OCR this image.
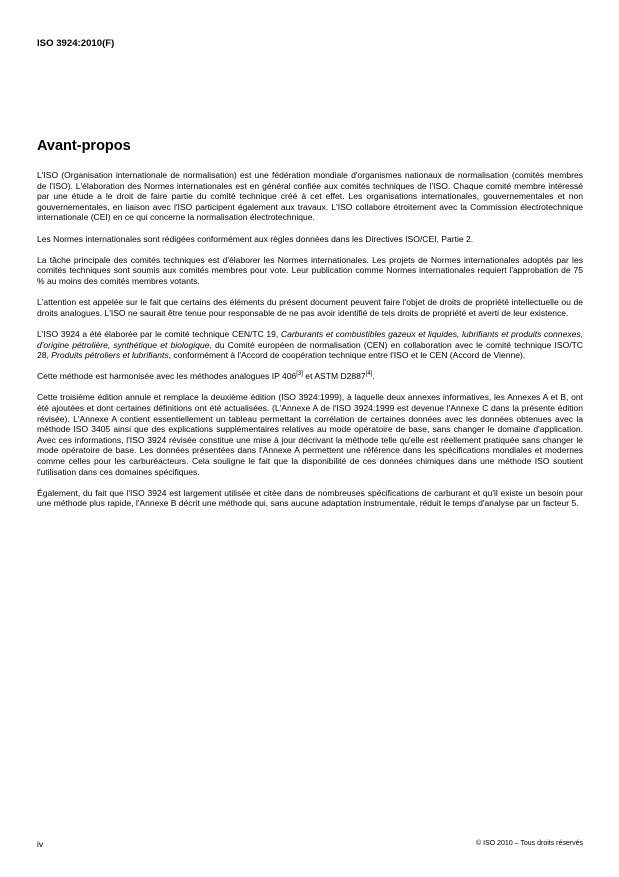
ISO 3924:2010(F)
Avant-propos

L'ISO (Organisation internationale de normalisation) est une fédération mondiale d'organismes nationaux de normalisation (comités membres de l'ISO). L'élaboration des Normes internationales est en général confiée aux comités techniques de l'ISO. Chaque comité membre intéressé par une étude a le droit de faire partie du comité technique créé à cet effet. Les organisations internationales, gouvernementales et non gouvernementales, en liaison avec l'ISO participent également aux travaux. L'ISO collabore étroitement avec la Commission électrotechnique internationale (CEI) en ce qui concerne la normalisation électrotechnique.

Les Normes internationales sont rédigées conformément aux règles données dans les Directives ISO/CEI, Partie 2.

La tâche principale des comités techniques est d'élaborer les Normes internationales. Les projets de Normes internationales adoptés par les comités techniques sont soumis aux comités membres pour vote. Leur publication comme Normes internationales requiert l'approbation de 75 % au moins des comités membres votants.

L'attention est appelée sur le fait que certains des éléments du présent document peuvent faire l'objet de droits de propriété intellectuelle ou de droits analogues. L'ISO ne saurait être tenue pour responsable de ne pas avoir identifié de tels droits de propriété et averti de leur existence.

L'ISO 3924 a été élaborée par le comité technique CEN/TC 19, Carburants et combustibles gazeux et liquides, lubrifiants et produits connexes, d'origine pétrolière, synthétique et biologique, du Comité européen de normalisation (CEN) en collaboration avec le comité technique ISO/TC 28, Produits pétroliers et lubrifiants, conformément à l'Accord de coopération technique entre l'ISO et le CEN (Accord de Vienne).

Cette méthode est harmonisée avec les méthodes analogues IP 406[3] et ASTM D2887[4].

Cette troisième édition annule et remplace la deuxième édition (ISO 3924:1999), à laquelle deux annexes informatives, les Annexes A et B, ont été ajoutées et dont certaines définitions ont été actualisées. (L'Annexe A de l'ISO 3924:1999 est devenue l'Annexe C dans la présente édition révisée). L'Annexe A contient essentiellement un tableau permettant la corrélation de certaines données avec les données obtenues avec la méthode ISO 3405 ainsi que des explications supplémentaires relatives au mode opératoire de base, sans changer le domaine d'application. Avec ces informations, l'ISO 3924 révisée constitue une mise à jour décrivant la méthode telle qu'elle est réellement pratiquée sans changer le mode opératoire de base. Les données présentées dans l'Annexe A permettent une référence dans les spécifications mondiales et modernes comme celles pour les carburéacteurs. Cela souligne le fait que la disponibilité de ces données chimiques dans une méthode ISO soutient l'utilisation dans ces domaines spécifiques.

Également, du fait que l'ISO 3924 est largement utilisée et citée dans de nombreuses spécifications de carburant et qu'il existe un besoin pour une méthode plus rapide, l'Annexe B décrit une méthode qui, sans aucune adaptation instrumentale, réduit le temps d'analyse par un facteur 5.

iv	© ISO 2010 – Tous droits réservés
